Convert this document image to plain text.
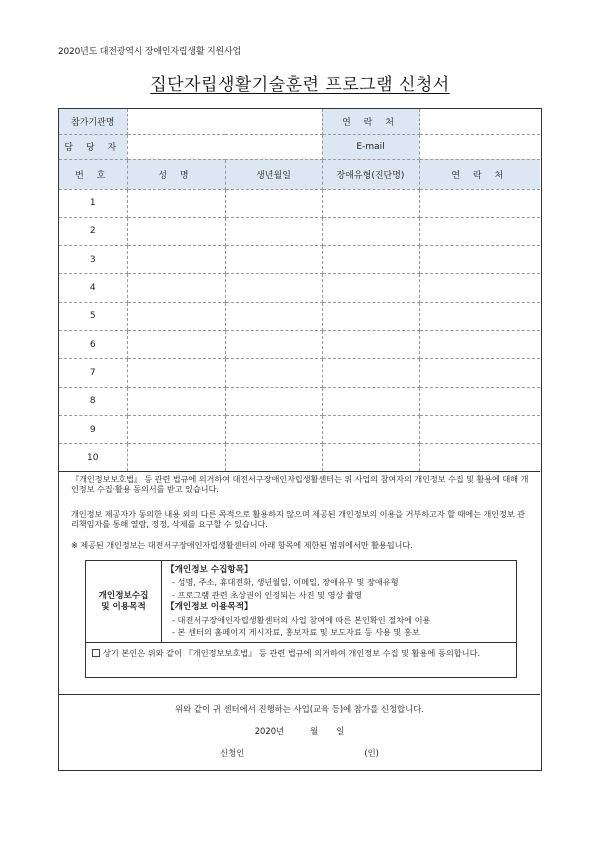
2020년도 대전광역시 장애인자립생활 지원사업
집단자립생활기술훈련 프로그램 신청서
참가기관명			연 락 처	
담 당 자			E-mail	
번 호	성 명	생년월일	장애유형(진단명)	연 락 처
1				
2				
3				
4				
5				
6				
7				
8				
9				
10				

『개인정보보호법』 등 관련 법규에 의거하여 대전서구장애인자립생활센터는 위 사업의 참여자의 개인정보 수집 및 활용에 대해 개인정보 수집·활용 동의서를 받고 있습니다.

개인정보 제공자가 동의한 내용 외의 다른 목적으로 활용하지 않으며 제공된 개인정보의 이용을 거부하고자 할 때에는 개인정보 관리책임자를 통해 열람, 정정, 삭제를 요구할 수 있습니다.

※ 제공된 개인정보는 대전서구장애인자립생활센터의 아래 항목에 제한된 범위에서만 활용됩니다.

개인정보수집
및 이용목적
【개인정보 수집항목】
- 성명, 주소, 휴대전화, 생년월일, 이메일, 장애유무 및 장애유형
- 프로그램 관련 초상권이 인정되는 사진 및 영상 촬영
【개인정보 이용목적】
- 대전서구장애인자립생활센터의 사업 참여에 따른 본인확인 절차에 이용
- 본 센터의 홈페이지 게시자료, 홍보자료 및 보도자료 등 사용 및 홍보
상기 본인은 위와 같이 『개인정보보호법』 등 관련 법규에 의거하여 개인정보 수집 및 활용에 동의합니다.
위와 같이 귀 센터에서 진행하는 사업(교육 등)에 참가를 신청합니다.
2020년	월 일
신청인	(인)
